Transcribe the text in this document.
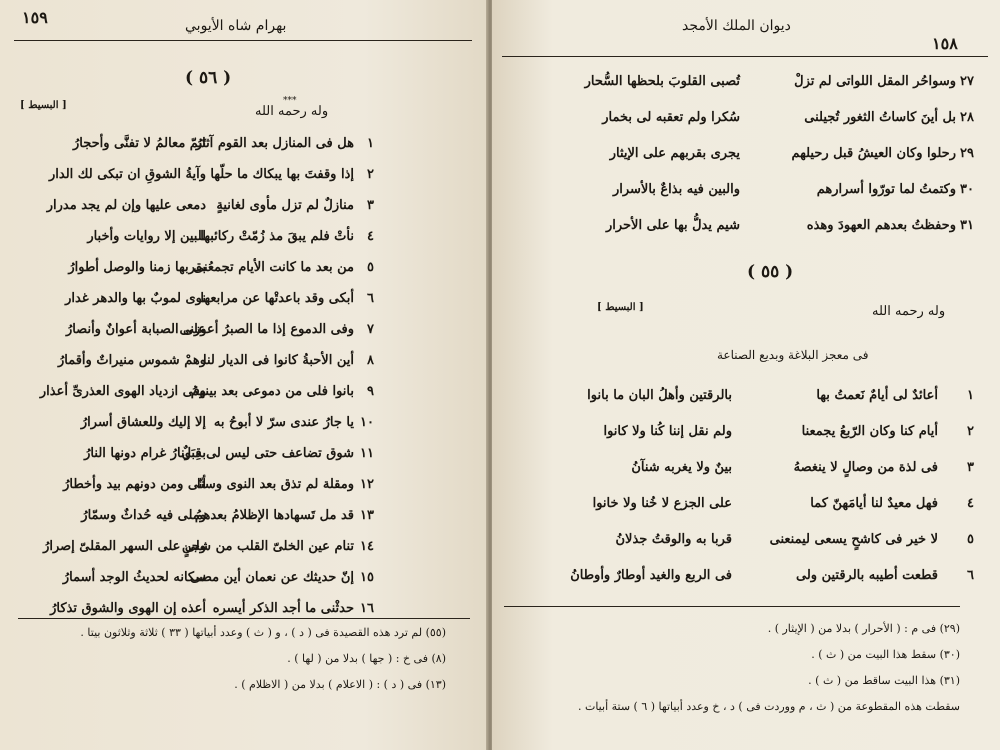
١٥٩	بهرام شاه الأيوبي
( ٥٦ )
[ البسيط ]	***
وله رحمه الله
١
هل فى المنازل بعد القوم آثارُ
تَنمّ معالمُ لا تفنَّى وأحجارُ
٢
إذا وقفتَ بها يبكاك ما حلّها
وآيةُ الشوقِ ان تبكى لك الدار
٣
منازلٌ لم تزل مأوى لغانيةٍ
دمعى عليها وإن لم يجد مدرار
٤
نأتْ فلم يبقَ مذ زُمّتْ ركائبها
للبين إلا روايات وأخبار
٥
من بعد ما كانت الأيام تجمعُنى
بقربها زمنا والوصل أطوارُ
٦
أبكى وقد باعدتْها عن مرابعها
نوى لموبٌ بها والدهر غدار
٧
وفى الدموع إذا ما الصبرُ أعوزنى
على الصبابة أعوانٌ وأنصارُ
٨
أين الأحبةُ كانوا فى الديار لنا
وهمْ شموس منيراتٌ وأقمارُ
٩
بانوا فلى من دموعى بعد بينهمُ
وفى ازدياد الهوى العذرىِّ أعذار
١٠
يا جارُ عندى سرّ لا أبوحُ به
إلا إليك وللعشاق أسرارُ
١١
شوق تضاعف حتى ليس لى قِبَلٌ
به ونارُ غرام دونها النارُ
١٢
ومقلة لم تذق بعد النوى وسنا
أنّى ومن دونهم بيد وأخطارُ
١٣
قد مل تَسهادها الإظلامُ بعدهمُ
وملى فيه حُداثٌ وسمّارُ
١٤
تنام عين الخلىّ القلب من شجنٍ
ولى على السهر المقلىّ إصرارُ
١٥
إنّ حديثك عن نعمان أين مضى
سكانه لحديثُ الوجد أسمارُ
١٦
حدثْنى ما أجد الذكر أيسره
أعذه إن الهوى والشوق تذكارُ
(٥٥) لم ترد هذه القصيدة فى ( د ) ، و ( ث ) وعدد أبياتها ( ٣٣ ) ثلاثة وثلاثون بيتا .
(٨) فى خ : ( جها ) بدلا من ( لها ) .
(١٣) فى ( د ) : ( الاعلام ) بدلا من ( الاظلام ) .
١٥٨
ديوان الملك الأمجد
٢٧
وسواحُر المقل اللواتى لم تزلْ
تُصبى القلوبَ بلحظها السُّحار
٢٨
بل أينَ كاساتُ الثغور تُجيلنى
سُكرا ولم تعقبه لى بخمار
٢٩
رحلوا وكان العيشُ قبل رحيلهم
يجرى بقربهم على الإيثار
٣٠
وكتمتُ لما تورّوا أسرارهم
والبين فيه بذاعٌ بالأسرار
٣١
وحفظتُ بعدهم العهودَ وهذه
شيم يدلُّ بها على الأحرار
( ٥٥ )
[ البسيط ]	وله رحمه الله
فى معجز البلاغة وبديع الصناعة
١
أعائدٌ لى أيامٌ نَعمتُ بها
بالرقتين وأهلُ البان ما بانوا
٢
أيام كنا وكان الرّبعُ يجمعنا
ولم نقل إننا كُنا ولا كانوا
٣
فى لذة من وصالٍ لا ينغصهُ
بينٌ ولا يغربه شنآنُ
٤
فهل معيدٌ لنا أيامَهنّ كما
على الجزع لا خُنا ولا خانوا
٥
لا خير فى كاشحٍ يسعى ليمنعنى
قربا به والوقتُ جذلانُ
٦
قطعت أطيبه بالرقتين ولى
فى الربع والغيد أوطارٌ وأوطانُ
(٢٩) فى م : ( الأحرار ) بدلا من ( الإيثار ) .
(٣٠) سقط هذا البيت من ( ث ) .
(٣١) هذا البيت ساقط من ( ث ) .
سقطت هذه المقطوعة من ( ث ، م ووردت فى ) د ، خ وعدد أبياتها ( ٦ ) ستة أبيات .
